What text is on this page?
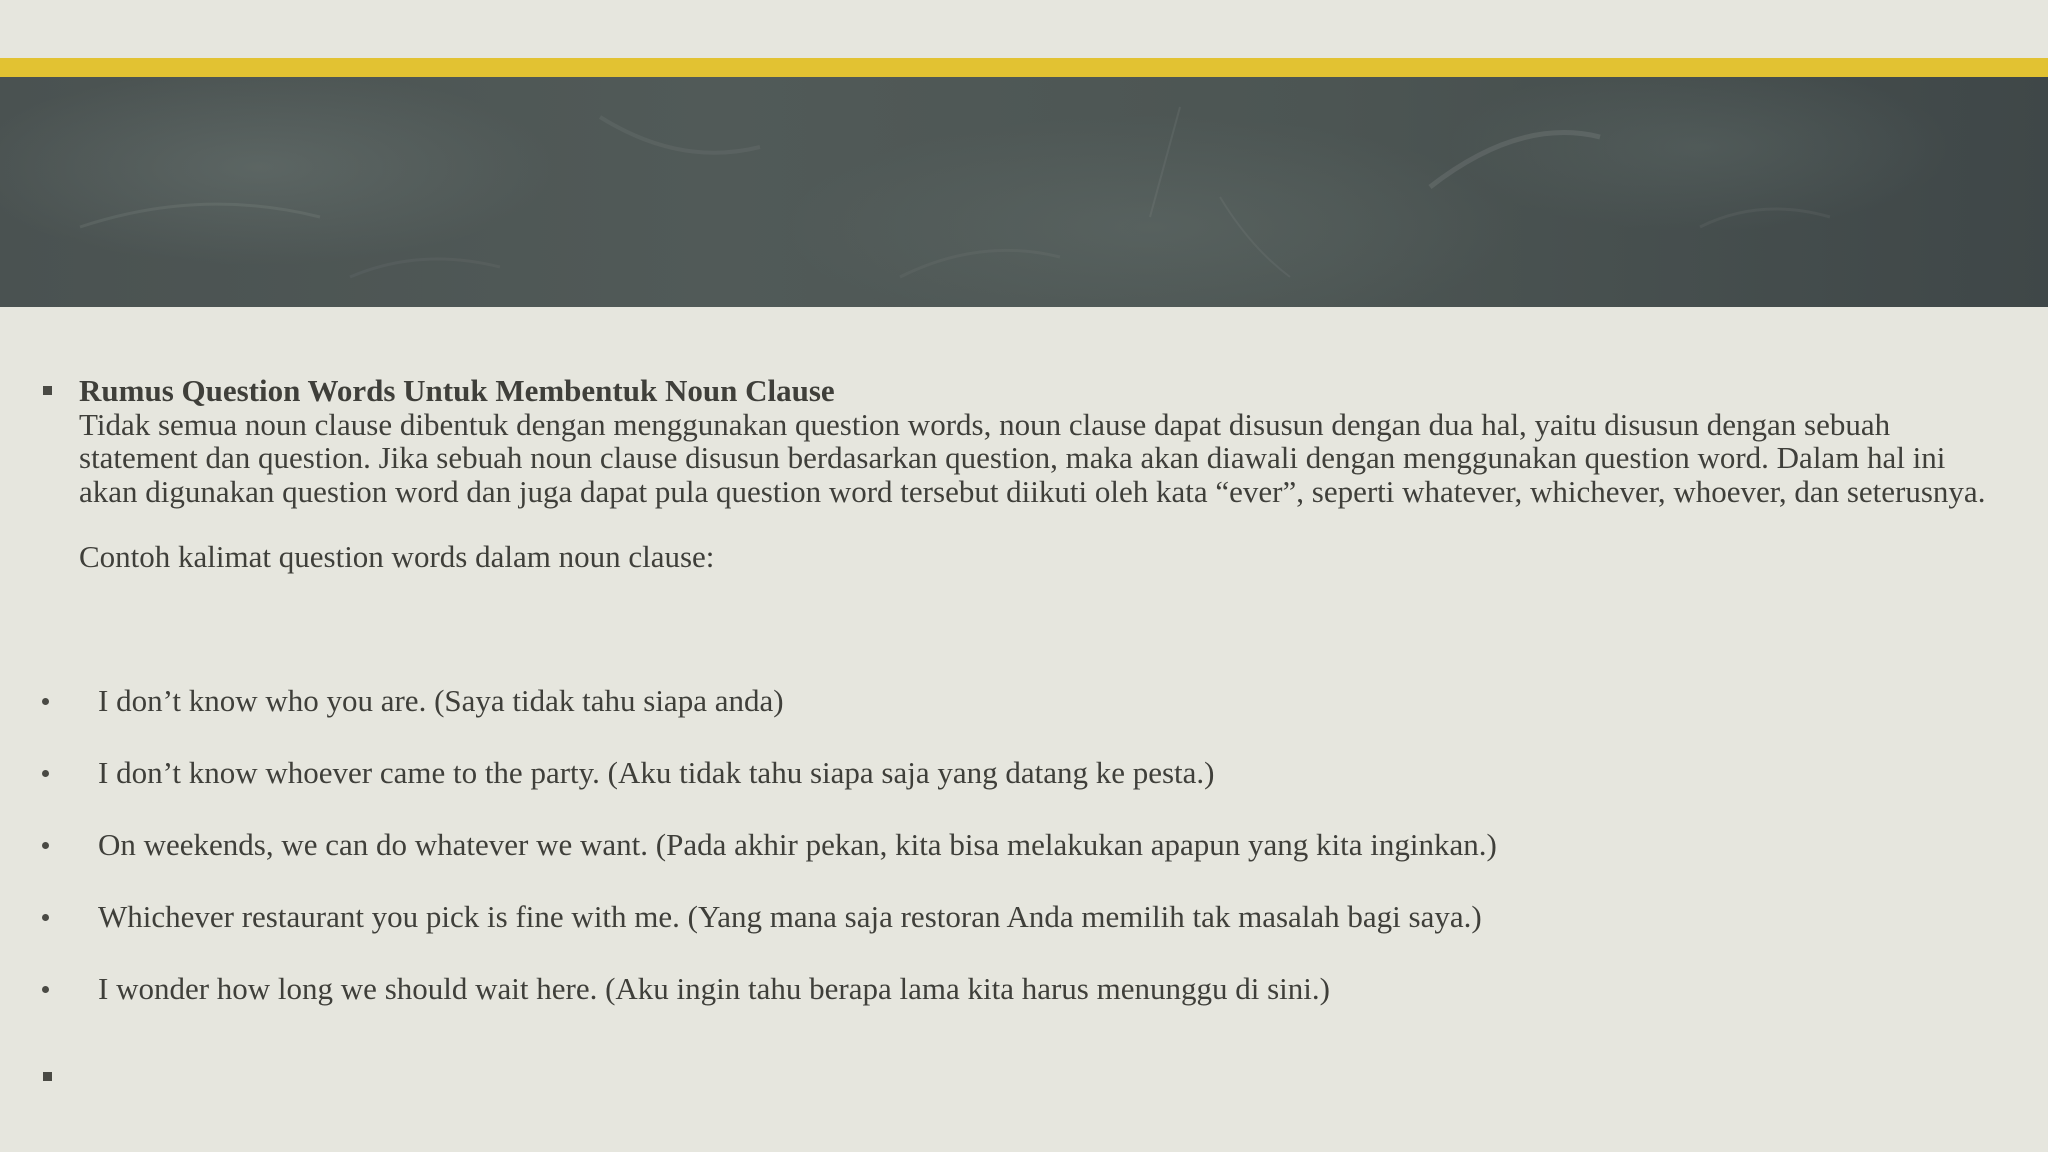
Rumus Question Words Untuk Membentuk Noun Clause
Tidak semua noun clause dibentuk dengan menggunakan question words, noun clause dapat disusun dengan dua hal, yaitu disusun dengan sebuah statement dan question. Jika sebuah noun clause disusun berdasarkan question, maka akan diawali dengan menggunakan question word. Dalam hal ini akan digunakan question word dan juga dapat pula question word tersebut diikuti oleh kata “ever”, seperti whatever, whichever, whoever, dan seterusnya.
Contoh kalimat question words dalam noun clause:
I don’t know who you are. (Saya tidak tahu siapa anda)
I don’t know whoever came to the party. (Aku tidak tahu siapa saja yang datang ke pesta.)
On weekends, we can do whatever we want. (Pada akhir pekan, kita bisa melakukan apapun yang kita inginkan.)
Whichever restaurant you pick is fine with me. (Yang mana saja restoran Anda memilih tak masalah bagi saya.)
I wonder how long we should wait here. (Aku ingin tahu berapa lama kita harus menunggu di sini.)
